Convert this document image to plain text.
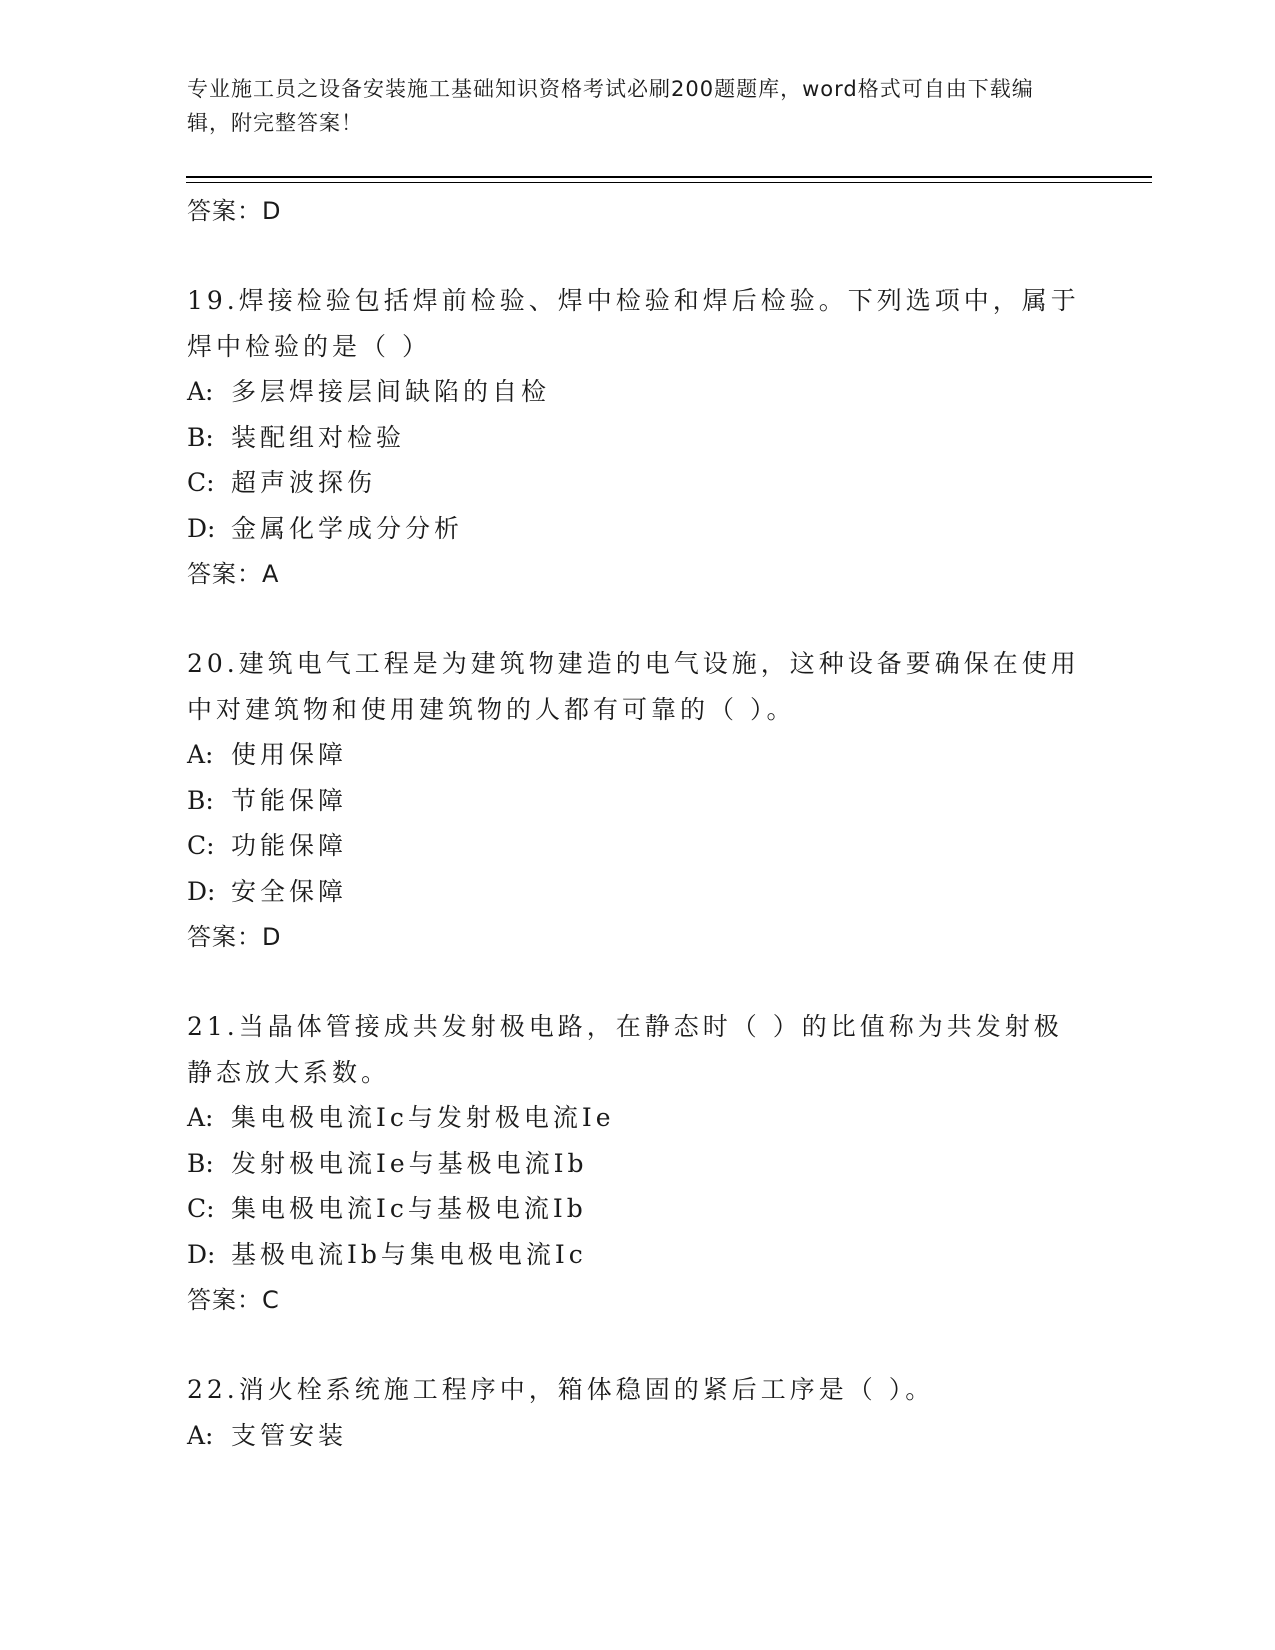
专业施工员之设备安装施工基础知识资格考试必刷200题题库，word格式可自由下载编辑，附完整答案！
答案：D
19.焊接检验包括焊前检验、焊中检验和焊后检验。下列选项中，属于焊中检验的是（ ）
A: 多层焊接层间缺陷的自检
B: 装配组对检验
C: 超声波探伤
D: 金属化学成分分析
答案：A
20.建筑电气工程是为建筑物建造的电气设施，这种设备要确保在使用中对建筑物和使用建筑物的人都有可靠的（ ）。
A: 使用保障
B: 节能保障
C: 功能保障
D: 安全保障
答案：D
21.当晶体管接成共发射极电路，在静态时（ ）的比值称为共发射极静态放大系数。
A: 集电极电流Ic与发射极电流Ie
B: 发射极电流Ie与基极电流Ib
C: 集电极电流Ic与基极电流Ib
D: 基极电流Ib与集电极电流Ic
答案：C
22.消火栓系统施工程序中，箱体稳固的紧后工序是（ ）。
A: 支管安装
